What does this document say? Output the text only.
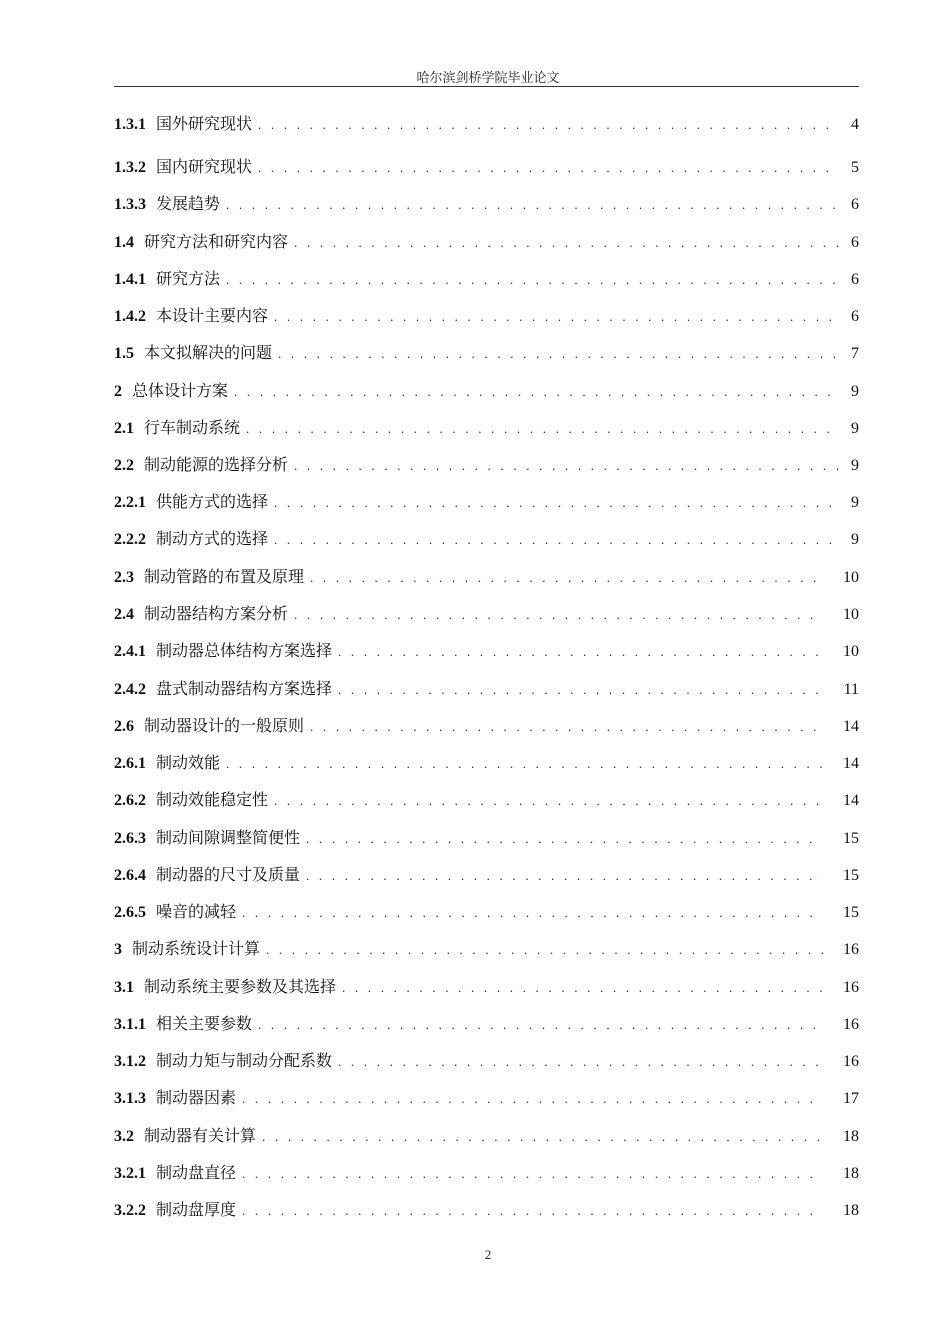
哈尔滨剑桥学院毕业论文
1.3.1 国外研究现状 . . .	4
1.3.2 国内研究现状 . . .	5
1.3.3 发展趋势 . . .	6
1.4 研究方法和研究内容 . . .	6
1.4.1 研究方法 . . .	6
1.4.2 本设计主要内容 . . .	6
1.5 本文拟解决的问题 . . .	7
2 总体设计方案 . . .	9
2.1 行车制动系统 . . .	9
2.2 制动能源的选择分析 . . .	9
2.2.1 供能方式的选择 . . .	9
2.2.2 制动方式的选择 . . .	9
2.3 制动管路的布置及原理 . . .	10
2.4 制动器结构方案分析 . . .	10
2.4.1 制动器总体结构方案选择 . . .	10
2.4.2 盘式制动器结构方案选择 . . .	11
2.6 制动器设计的一般原则 . . .	14
2.6.1 制动效能 . . .	14
2.6.2 制动效能稳定性 . . .	14
2.6.3 制动间隙调整简便性 . . .	15
2.6.4 制动器的尺寸及质量 . . .	15
2.6.5 噪音的减轻 . . .	15
3 制动系统设计计算 . . .	16
3.1 制动系统主要参数及其选择 . . .	16
3.1.1 相关主要参数 . . .	16
3.1.2 制动力矩与制动分配系数 . . .	16
3.1.3 制动器因素 . . .	17
3.2 制动器有关计算 . . .	18
3.2.1 制动盘直径 . . .	18
3.2.2 制动盘厚度 . . .	18
2
